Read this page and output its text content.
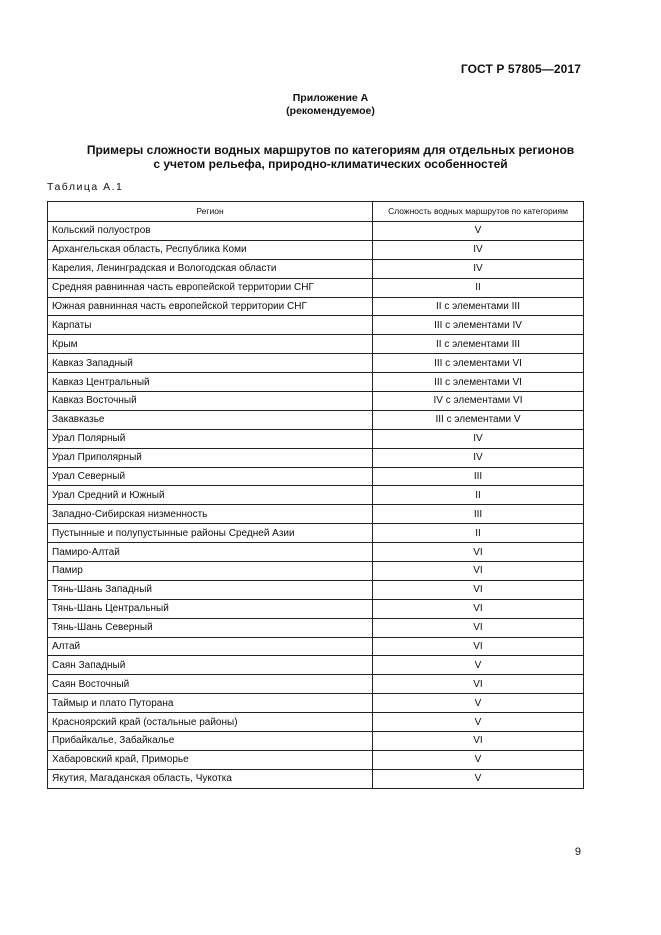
ГОСТ Р 57805—2017
Приложение А
(рекомендуемое)
Примеры сложности водных маршрутов по категориям для отдельных регионов
с учетом рельефа, природно-климатических особенностей
Таблица А.1
Регион	Сложность водных маршрутов по категориям
Кольский полуостров	V
Архангельская область, Республика Коми	IV
Карелия, Ленинградская и Вологодская области	IV
Средняя равнинная часть европейской территории СНГ	II
Южная равнинная часть европейской территории СНГ	II с элементами III
Карпаты	III с элементами IV
Крым	II с элементами III
Кавказ Западный	III с элементами VI
Кавказ Центральный	III с элементами VI
Кавказ Восточный	IV с элементами VI
Закавказье	III с элементами V
Урал Полярный	IV
Урал Приполярный	IV
Урал Северный	III
Урал Средний и Южный	II
Западно-Сибирская низменность	III
Пустынные и полупустынные районы Средней Азии	II
Памиро-Алтай	VI
Памир	VI
Тянь-Шань Западный	VI
Тянь-Шань Центральный	VI
Тянь-Шань Северный	VI
Алтай	VI
Саян Западный	V
Саян Восточный	VI
Таймыр и плато Путорана	V
Красноярский край (остальные районы)	V
Прибайкалье, Забайкалье	VI
Хабаровский край, Приморье	V
Якутия, Магаданская область, Чукотка	V
9
